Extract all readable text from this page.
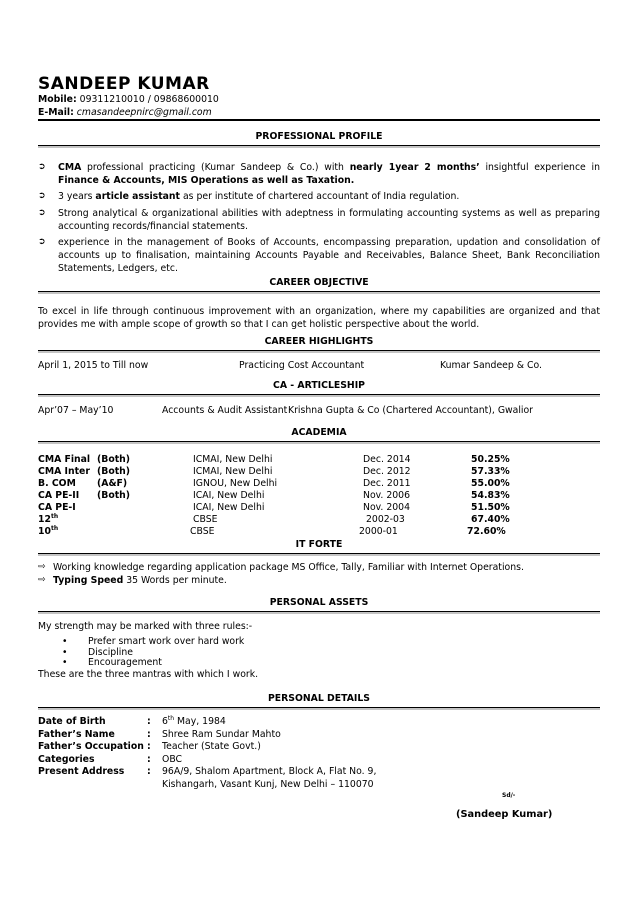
SANDEEP KUMAR
Mobile: 09311210010 / 09868600010
E-Mail: cmasandeepnirc@gmail.com
PROFESSIONAL PROFILE
➲ CMA professional practicing (Kumar Sandeep & Co.) with nearly 1year 2 months’ insightful experience in Finance & Accounts, MIS Operations as well as Taxation.
➲ 3 years article assistant as per institute of chartered accountant of India regulation.
➲ Strong analytical & organizational abilities with adeptness in formulating accounting systems as well as preparing accounting records/financial statements.
➲ experience in the management of Books of Accounts, encompassing preparation, updation and consolidation of accounts up to finalisation, maintaining Accounts Payable and Receivables, Balance Sheet, Bank Reconciliation Statements, Ledgers, etc.
CAREER OBJECTIVE
To excel in life through continuous improvement with an organization, where my capabilities are organized and that provides me with ample scope of growth so that I can get holistic perspective about the world.
CAREER HIGHLIGHTS
April 1, 2015 to Till now	Practicing Cost Accountant	Kumar Sandeep & Co.
CA - ARTICLESHIP
Apr’07 – May’10	Accounts & Audit Assistant Krishna Gupta & Co (Chartered Accountant), Gwalior
ACADEMIA
CMA Final (Both)	ICMAI, New Delhi	Dec. 2014	50.25%
CMA Inter (Both)	ICMAI, New Delhi	Dec. 2012	57.33%
B. COM (A&F)	IGNOU, New Delhi	Dec. 2011	55.00%
CA PE-II (Both)	ICAI, New Delhi	Nov. 2006	54.83%
CA PE-I	ICAI, New Delhi	Nov. 2004	51.50%
12th	CBSE	2002-03	67.40%
10th	CBSE	2000-01	72.60%
IT FORTE
⇨ Working knowledge regarding application package MS Office, Tally, Familiar with Internet Operations.
⇨ Typing Speed 35 Words per minute.
PERSONAL ASSETS
My strength may be marked with three rules:-
• Prefer smart work over hard work
• Discipline
• Encouragement
These are the three mantras with which I work.
PERSONAL DETAILS
Date of Birth	: 6th May, 1984
Father’s Name	: Shree Ram Sundar Mahto
Father’s Occupation : Teacher (State Govt.)
Categories	: OBC
Present Address : 96A/9, Shalom Apartment, Block A, Flat No. 9,
Kishangarh, Vasant Kunj, New Delhi – 110070
Sd/-
(Sandeep Kumar)
